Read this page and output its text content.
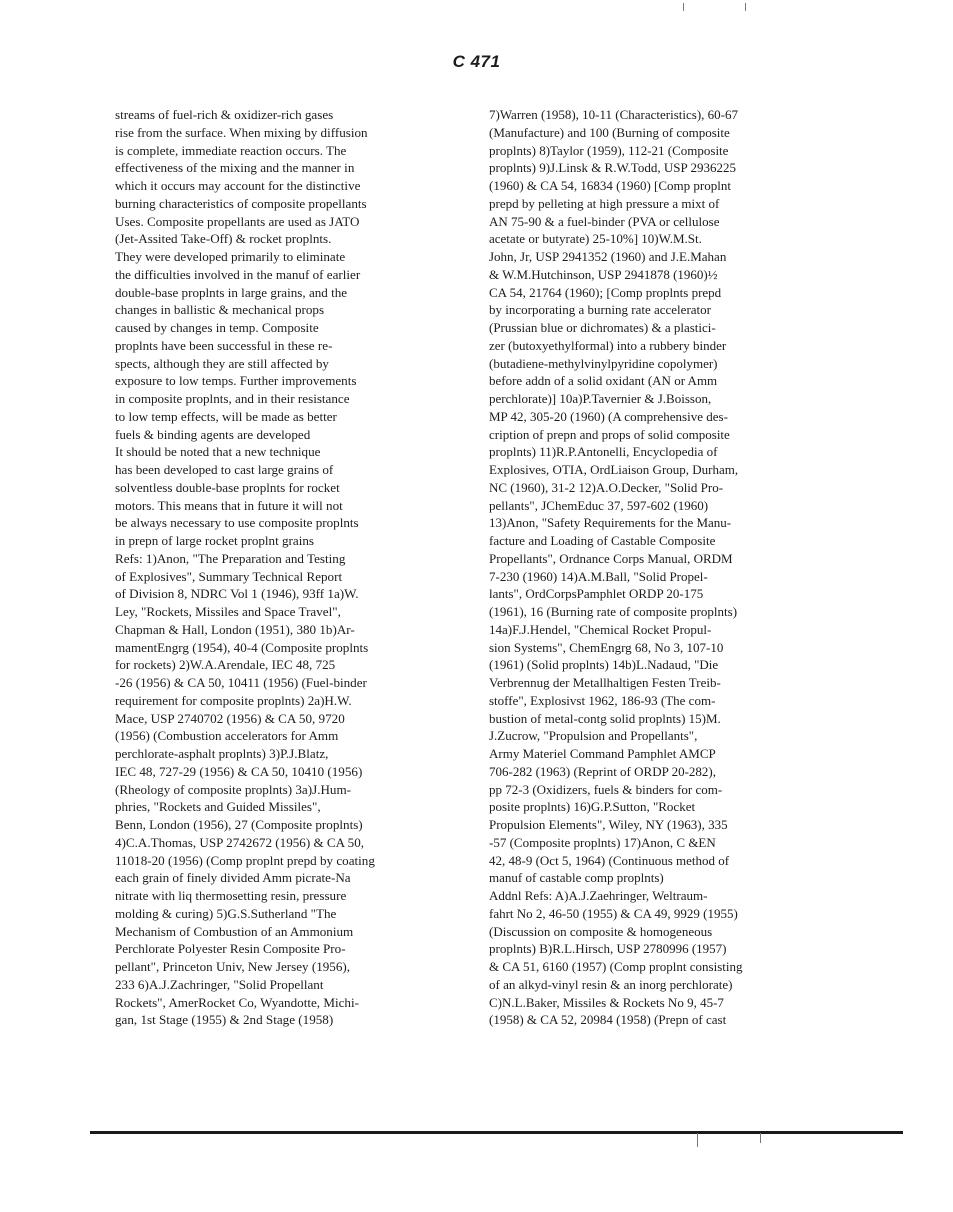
C 471
streams of fuel-rich & oxidizer-rich gases
rise from the surface. When mixing by diffusion
is complete, immediate reaction occurs. The
effectiveness of the mixing and the manner in
which it occurs may account for the distinctive
burning characteristics of composite propellants
Uses. Composite propellants are used as JATO
(Jet-Assited Take-Off) & rocket proplnts.
They were developed primarily to eliminate
the difficulties involved in the manuf of earlier
double-base proplnts in large grains, and the
changes in ballistic & mechanical props
caused by changes in temp. Composite
proplnts have been successful in these re-
spects, although they are still affected by
exposure to low temps. Further improvements
in composite proplnts, and in their resistance
to low temp effects, will be made as better
fuels & binding agents are developed
It should be noted that a new technique
has been developed to cast large grains of
solventless double-base proplnts for rocket
motors. This means that in future it will not
be always necessary to use composite proplnts
in prepn of large rocket proplnt grains
Refs: 1)Anon, "The Preparation and Testing
of Explosives", Summary Technical Report
of Division 8, NDRC Vol 1 (1946), 93ff 1a)W.
Ley, "Rockets, Missiles and Space Travel",
Chapman & Hall, London (1951), 380 1b)Ar-
mamentEngrg (1954), 40-4 (Composite proplnts
for rockets) 2)W.A.Arendale, IEC 48, 725
-26 (1956) & CA 50, 10411 (1956) (Fuel-binder
requirement for composite proplnts) 2a)H.W.
Mace, USP 2740702 (1956) & CA 50, 9720
(1956) (Combustion accelerators for Amm
perchlorate-asphalt proplnts) 3)P.J.Blatz,
IEC 48, 727-29 (1956) & CA 50, 10410 (1956)
(Rheology of composite proplnts) 3a)J.Hum-
phries, "Rockets and Guided Missiles",
Benn, London (1956), 27 (Composite proplnts)
4)C.A.Thomas, USP 2742672 (1956) & CA 50,
11018-20 (1956) (Comp proplnt prepd by coating
each grain of finely divided Amm picrate-Na
nitrate with liq thermosetting resin, pressure
molding & curing) 5)G.S.Sutherland "The
Mechanism of Combustion of an Ammonium
Perchlorate Polyester Resin Composite Pro-
pellant", Princeton Univ, New Jersey (1956),
233 6)A.J.Zachringer, "Solid Propellant
Rockets", AmerRocket Co, Wyandotte, Michi-
gan, 1st Stage (1955) & 2nd Stage (1958)
7)Warren (1958), 10-11 (Characteristics), 60-67
(Manufacture) and 100 (Burning of composite
proplnts) 8)Taylor (1959), 112-21 (Composite
proplnts) 9)J.Linsk & R.W.Todd, USP 2936225
(1960) & CA 54, 16834 (1960) [Comp proplnt
prepd by pelleting at high pressure a mixt of
AN 75-90 & a fuel-binder (PVA or cellulose
acetate or butyrate) 25-10%] 10)W.M.St.
John, Jr, USP 2941352 (1960) and J.E.Mahan
& W.M.Hutchinson, USP 2941878 (1960)½
CA 54, 21764 (1960); [Comp proplnts prepd
by incorporating a burning rate accelerator
(Prussian blue or dichromates) & a plastici-
zer (butoxyethylformal) into a rubbery binder
(butadiene-methylvinylpyridine copolymer)
before addn of a solid oxidant (AN or Amm
perchlorate)] 10a)P.Tavernier & J.Boisson,
MP 42, 305-20 (1960) (A comprehensive des-
cription of prepn and props of solid composite
proplnts) 11)R.P.Antonelli, Encyclopedia of
Explosives, OTIA, OrdLiaison Group, Durham,
NC (1960), 31-2 12)A.O.Decker, "Solid Pro-
pellants", JChemEduc 37, 597-602 (1960)
13)Anon, "Safety Requirements for the Manu-
facture and Loading of Castable Composite
Propellants", Ordnance Corps Manual, ORDM
7-230 (1960) 14)A.M.Ball, "Solid Propel-
lants", OrdCorpsPamphlet ORDP 20-175
(1961), 16 (Burning rate of composite proplnts)
14a)F.J.Hendel, "Chemical Rocket Propul-
sion Systems", ChemEngrg 68, No 3, 107-10
(1961) (Solid proplnts) 14b)L.Nadaud, "Die
Verbrennug der Metallhaltigen Festen Treib-
stoffe", Explosivst 1962, 186-93 (The com-
bustion of metal-contg solid proplnts) 15)M.
J.Zucrow, "Propulsion and Propellants",
Army Materiel Command Pamphlet AMCP
706-282 (1963) (Reprint of ORDP 20-282),
pp 72-3 (Oxidizers, fuels & binders for com-
posite proplnts) 16)G.P.Sutton, "Rocket
Propulsion Elements", Wiley, NY (1963), 335
-57 (Composite proplnts) 17)Anon, C &EN
42, 48-9 (Oct 5, 1964) (Continuous method of
manuf of castable comp proplnts)
Addnl Refs: A)A.J.Zaehringer, Weltraum-
fahrt No 2, 46-50 (1955) & CA 49, 9929 (1955)
(Discussion on composite & homogeneous
proplnts) B)R.L.Hirsch, USP 2780996 (1957)
& CA 51, 6160 (1957) (Comp proplnt consisting
of an alkyd-vinyl resin & an inorg perchlorate)
C)N.L.Baker, Missiles & Rockets No 9, 45-7
(1958) & CA 52, 20984 (1958) (Prepn of cast
